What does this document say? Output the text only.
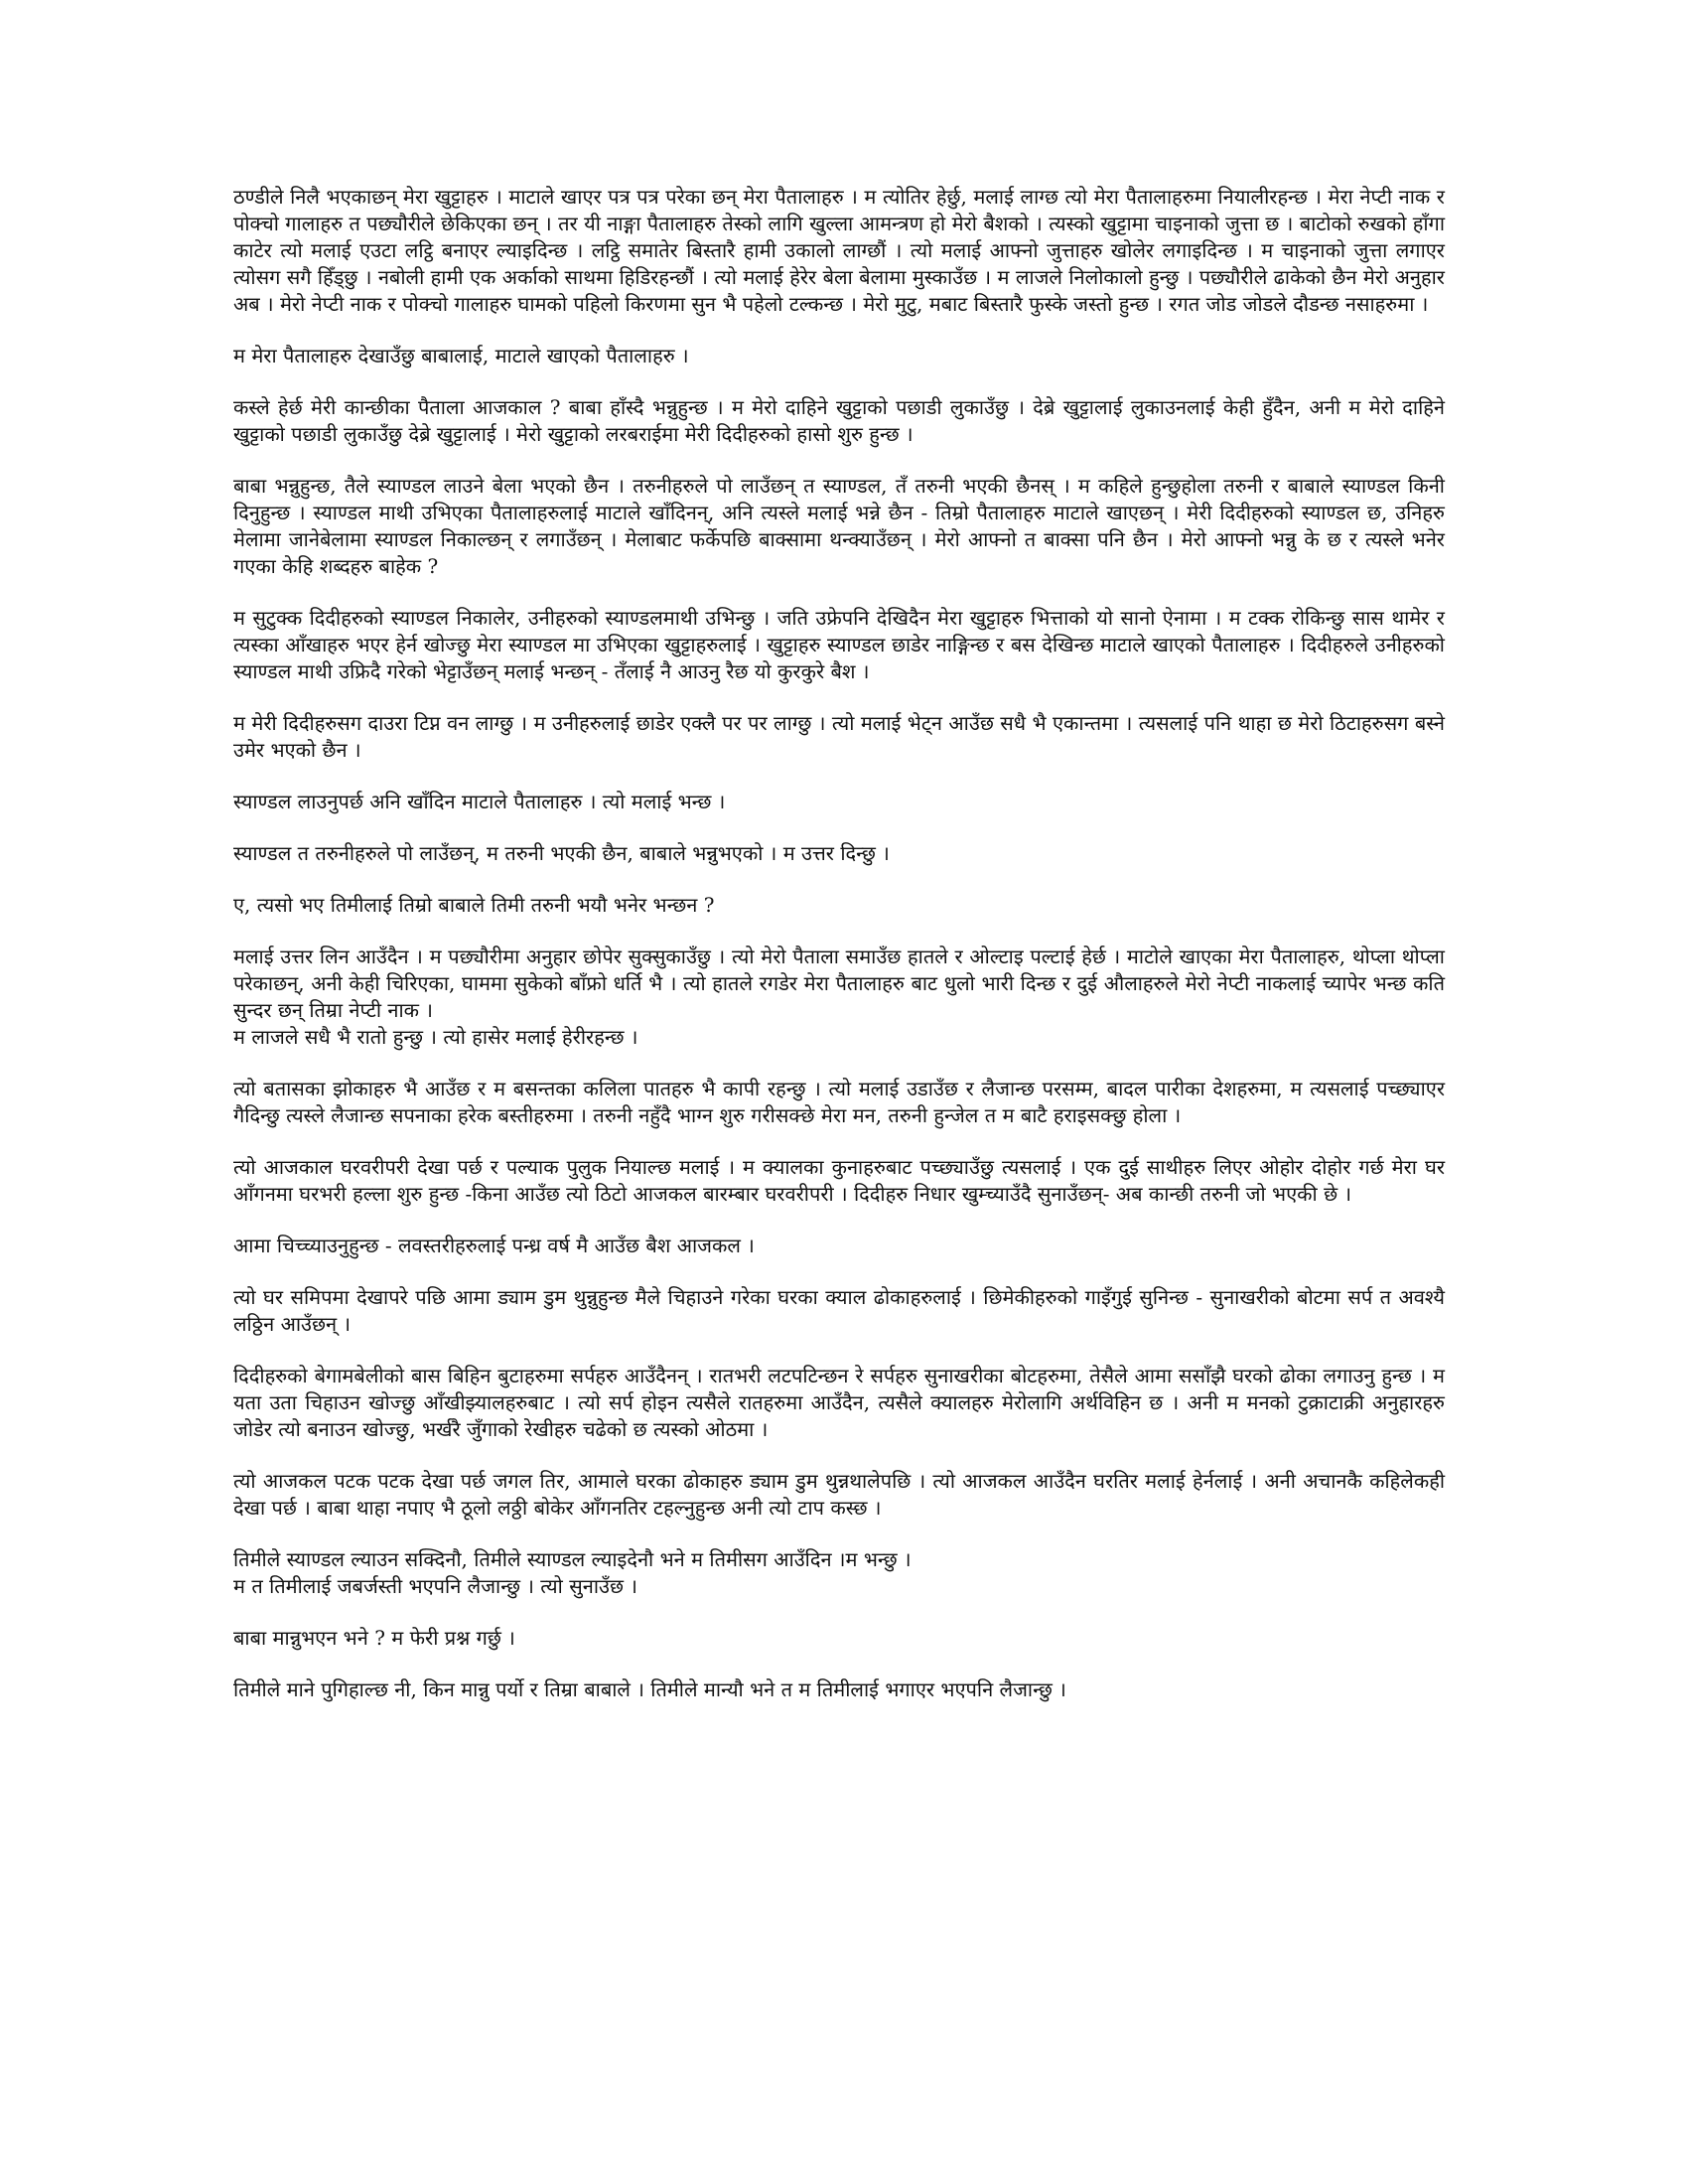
ठण्डीले निलै भएकाछन् मेरा खुट्टाहरु । माटाले खाएर पत्र पत्र परेका छन् मेरा पैतालाहरु । म त्योतिर हेर्छु, मलाई लाग्छ त्यो मेरा पैतालाहरुमा नियालीरहन्छ । मेरा नेप्टी नाक र पोक्चो गालाहरु त पछ्यौरीले छेकिएका छन् । तर यी नाङ्गा पैतालाहरु तेस्को लागि खुल्ला आमन्त्रण हो मेरो बैशको । त्यस्को खुट्टामा चाइनाको जुत्ता छ । बाटोको रुखको हाँगा काटेर त्यो मलाई एउटा लट्ठि बनाएर ल्याइदिन्छ । लट्ठि समातेर बिस्तारै हामी उकालो लाग्छौं । त्यो मलाई आफ्नो जुत्ताहरु खोलेर लगाइदिन्छ । म चाइनाको जुत्ता लगाएर त्योसग सगै हिँड्छु । नबोली हामी एक अर्काको साथमा हिडिरहन्छौं । त्यो मलाई हेरेर बेला बेलामा मुस्काउँछ । म लाजले निलोकालो हुन्छु । पछ्यौरीले ढाकेको छैन मेरो अनुहार अब । मेरो नेप्टी नाक र पोक्चो गालाहरु घामको पहिलो किरणमा सुन भै पहेलो टल्कन्छ । मेरो मुटु, मबाट बिस्तारै फुस्के जस्तो हुन्छ । रगत जोड जोडले दौडन्छ नसाहरुमा ।

म मेरा पैतालाहरु देखाउँछु बाबालाई, माटाले खाएको पैतालाहरु ।

कस्ले हेर्छ मेरी कान्छीका पैताला आजकाल ? बाबा हाँस्दै भन्नुहुन्छ । म मेरो दाहिने खुट्टाको पछाडी लुकाउँछु । देब्रे खुट्टालाई लुकाउनलाई केही हुँदैन, अनी म मेरो दाहिने खुट्टाको पछाडी लुकाउँछु देब्रे खुट्टालाई । मेरो खुट्टाको लरबराईमा मेरी दिदीहरुको हासो शुरु हुन्छ ।

बाबा भन्नुहुन्छ, तैले स्याण्डल लाउने बेला भएको छैन । तरुनीहरुले पो लाउँछन् त स्याण्डल, तँ तरुनी भएकी छैनस् । म कहिले हुन्छुहोला तरुनी र बाबाले स्याण्डल किनी दिनुहुन्छ । स्याण्डल माथी उभिएका पैतालाहरुलाई माटाले खाँदिनन्, अनि त्यस्ले मलाई भन्ने छैन - तिम्रो पैतालाहरु माटाले खाएछन् । मेरी दिदीहरुको स्याण्डल छ, उनिहरु मेलामा जानेबेलामा स्याण्डल निकाल्छन् र लगाउँछन् । मेलाबाट फर्केपछि बाक्सामा थन्क्याउँछन् । मेरो आफ्नो त बाक्सा पनि छैन । मेरो आफ्नो भन्नु के छ र त्यस्ले भनेर गएका केहि शब्दहरु बाहेक ?

म सुटुक्क दिदीहरुको स्याण्डल निकालेर, उनीहरुको स्याण्डलमाथी उभिन्छु । जति उफ्रेपनि देखिदैन मेरा खुट्टाहरु भित्ताको यो सानो ऐनामा । म टक्क रोकिन्छु सास थामेर र त्यस्का आँखाहरु भएर हेर्न खोज्छु मेरा स्याण्डल मा उभिएका खुट्टाहरुलाई । खुट्टाहरु स्याण्डल छाडेर नाङ्गिन्छ र बस देखिन्छ माटाले खाएको पैतालाहरु । दिदीहरुले उनीहरुको स्याण्डल माथी उफ्रिदै गरेको भेट्टाउँछन् मलाई भन्छन् - तँलाई नै आउनु रैछ यो कुरकुरे बैश ।

म मेरी दिदीहरुसग दाउरा टिप्न वन लाग्छु । म उनीहरुलाई छाडेर एक्लै पर पर लाग्छु । त्यो मलाई भेट्न आउँछ सधै भै एकान्तमा । त्यसलाई पनि थाहा छ मेरो ठिटाहरुसग बस्ने उमेर भएको छैन ।

स्याण्डल लाउनुपर्छ अनि खाँदिन माटाले पैतालाहरु । त्यो मलाई भन्छ ।

स्याण्डल त तरुनीहरुले पो लाउँछन्, म तरुनी भएकी छैन, बाबाले भन्नुभएको । म उत्तर दिन्छु ।

ए, त्यसो भए तिमीलाई तिम्रो बाबाले तिमी तरुनी भयौ भनेर भन्छन ?

मलाई उत्तर लिन आउँदैन । म पछ्यौरीमा अनुहार छोपेर सुक्सुकाउँछु । त्यो मेरो पैताला समाउँछ हातले र ओल्टाइ पल्टाई हेर्छ । माटोले खाएका मेरा पैतालाहरु, थोप्ला थोप्ला परेकाछन्, अनी केही चिरिएका, घाममा सुकेको बाँफ्रो धर्ति भै । त्यो हातले रगडेर मेरा पैतालाहरु बाट धुलो भारी दिन्छ र दुई औलाहरुले मेरो नेप्टी नाकलाई च्यापेर भन्छ कति सुन्दर छन् तिम्रा नेप्टी नाक ।
म लाजले सधै भै रातो हुन्छु । त्यो हासेर मलाई हेरीरहन्छ ।

त्यो बतासका झोकाहरु भै आउँछ र म बसन्तका कलिला पातहरु भै कापी रहन्छु । त्यो मलाई उडाउँछ र लैजान्छ परसम्म, बादल पारीका देशहरुमा, म त्यसलाई पच्छ्याएर गैदिन्छु त्यस्ले लैजान्छ सपनाका हरेक बस्तीहरुमा । तरुनी नहुँदै भाग्न शुरु गरीसक्छे मेरा मन, तरुनी हुन्जेल त म बाटै हराइसक्छु होला ।

त्यो आजकाल घरवरीपरी देखा पर्छ र पल्याक पुलुक नियाल्छ मलाई । म क्यालका कुनाहरुबाट पच्छ्याउँछु त्यसलाई । एक दुई साथीहरु लिएर ओहोर दोहोर गर्छ मेरा घर आँगनमा घरभरी हल्ला शुरु हुन्छ -किना आउँछ त्यो ठिटो आजकल बारम्बार घरवरीपरी । दिदीहरु निधार खुम्च्याउँदै सुनाउँछन्- अब कान्छी तरुनी जो भएकी छे ।

आमा चिच्च्याउनुहुन्छ - लवस्तरीहरुलाई पन्ध्र वर्ष मै आउँछ बैश आजकल ।

त्यो घर समिपमा देखापरे पछि आमा ड्याम डुम थुन्नुहुन्छ मैले चिहाउने गरेका घरका क्याल ढोकाहरुलाई । छिमेकीहरुको गाइँगुई सुनिन्छ - सुनाखरीको बोटमा सर्प त अवश्यै लठ्ठिन आउँछन् ।

दिदीहरुको बेगामबेलीको बास बिहिन बुटाहरुमा सर्पहरु आउँदैनन् । रातभरी लटपटिन्छन रे सर्पहरु सुनाखरीका बोटहरुमा, तेसैले आमा ससाँझै घरको ढोका लगाउनु हुन्छ । म यता उता चिहाउन खोज्छु आँखीझ्यालहरुबाट । त्यो सर्प होइन त्यसैले रातहरुमा आउँदैन, त्यसैले क्यालहरु मेरोलागि अर्थविहिन छ । अनी म मनको टुक्राटाक्री अनुहारहरु जोडेर त्यो बनाउन खोज्छु, भर्खरै जुँगाको रेखीहरु चढेको छ त्यस्को ओठमा ।

त्यो आजकल पटक पटक देखा पर्छ जगल तिर, आमाले घरका ढोकाहरु ड्याम डुम थुन्नथालेपछि । त्यो आजकल आउँदैन घरतिर मलाई हेर्नलाई । अनी अचानकै कहिलेकही देखा पर्छ । बाबा थाहा नपाए भै ठूलो लठ्ठी बोकेर आँगनतिर टहल्नुहुन्छ अनी त्यो टाप कस्छ ।

तिमीले स्याण्डल ल्याउन सक्दिनौ, तिमीले स्याण्डल ल्याइदेनौ भने म तिमीसग आउँदिन ।म भन्छु ।
म त तिमीलाई जबर्जस्ती भएपनि लैजान्छु । त्यो सुनाउँछ ।

बाबा मान्नुभएन भने ? म फेरी प्रश्न गर्छु ।

तिमीले माने पुगिहाल्छ नी, किन मान्नु पर्यो र तिम्रा बाबाले । तिमीले मान्यौ भने त म तिमीलाई भगाएर भएपनि लैजान्छु ।
